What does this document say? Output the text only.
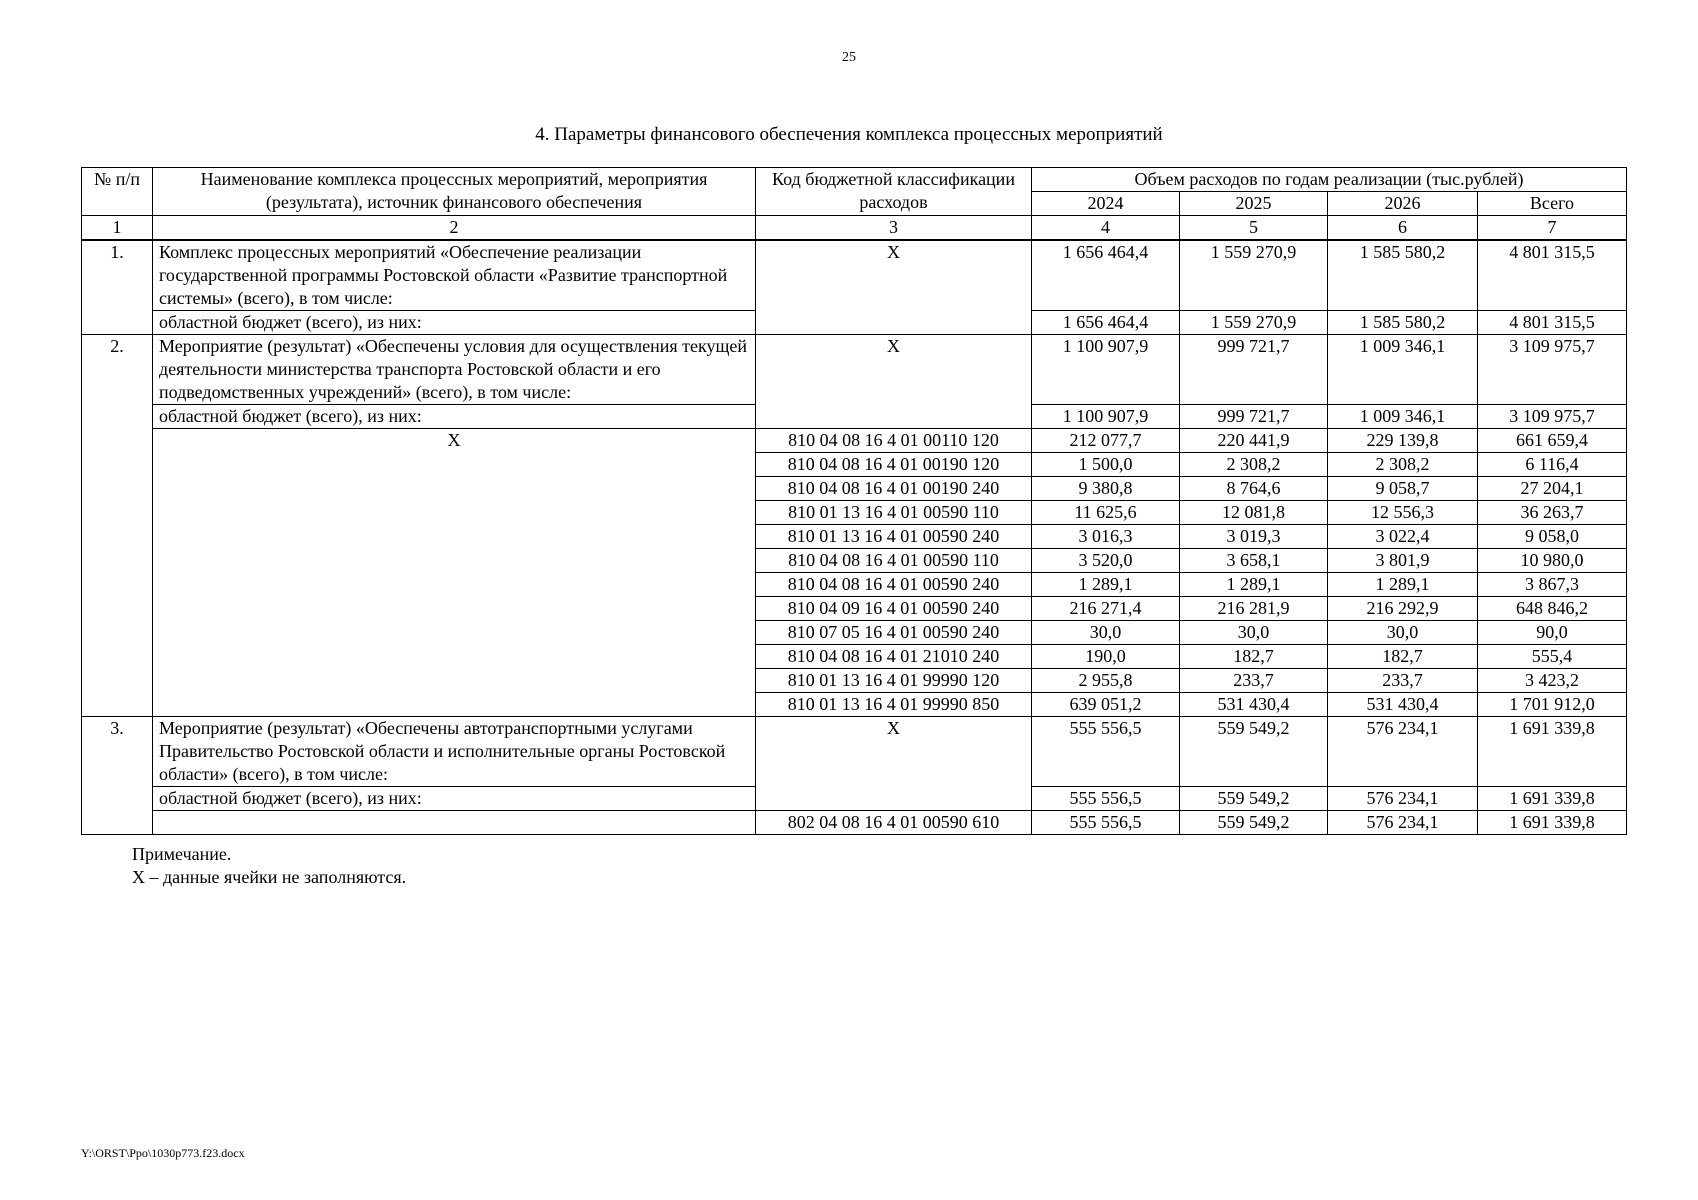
25
4. Параметры финансового обеспечения комплекса процессных мероприятий
№ п/п	Наименование комплекса процессных мероприятий, мероприятия (результата), источник финансового обеспечения	Код бюджетной классификации расходов	Объем расходов по годам реализации (тыс.рублей)			
			2024	2025	2026	Всего
1	2	3	4	5	6	7
1.	Комплекс процессных мероприятий «Обеспечение реализации государственной программы Ростовской области «Развитие транспортной системы» (всего), в том числе:	X	1 656 464,4	1 559 270,9	1 585 580,2	4 801 315,5
	областной бюджет (всего), из них:		1 656 464,4	1 559 270,9	1 585 580,2	4 801 315,5
2.	Мероприятие (результат) «Обеспечены условия для осуществления текущей деятельности министерства транспорта Ростовской области и его подведомственных учреждений» (всего), в том числе:	X	1 100 907,9	999 721,7	1 009 346,1	3 109 975,7
	областной бюджет (всего), из них:		1 100 907,9	999 721,7	1 009 346,1	3 109 975,7
	X	810 04 08 16 4 01 00110 120	212 077,7	220 441,9	229 139,8	661 659,4
		810 04 08 16 4 01 00190 120	1 500,0	2 308,2	2 308,2	6 116,4
		810 04 08 16 4 01 00190 240	9 380,8	8 764,6	9 058,7	27 204,1
		810 01 13 16 4 01 00590 110	11 625,6	12 081,8	12 556,3	36 263,7
		810 01 13 16 4 01 00590 240	3 016,3	3 019,3	3 022,4	9 058,0
		810 04 08 16 4 01 00590 110	3 520,0	3 658,1	3 801,9	10 980,0
		810 04 08 16 4 01 00590 240	1 289,1	1 289,1	1 289,1	3 867,3
		810 04 09 16 4 01 00590 240	216 271,4	216 281,9	216 292,9	648 846,2
		810 07 05 16 4 01 00590 240	30,0	30,0	30,0	90,0
		810 04 08 16 4 01 21010 240	190,0	182,7	182,7	555,4
		810 01 13 16 4 01 99990 120	2 955,8	233,7	233,7	3 423,2
		810 01 13 16 4 01 99990 850	639 051,2	531 430,4	531 430,4	1 701 912,0
3.	Мероприятие (результат) «Обеспечены автотранспортными услугами Правительство Ростовской области и исполнительные органы Ростовской области» (всего), в том числе:	X	555 556,5	559 549,2	576 234,1	1 691 339,8
	областной бюджет (всего), из них:		555 556,5	559 549,2	576 234,1	1 691 339,8
		802 04 08 16 4 01 00590 610	555 556,5	559 549,2	576 234,1	1 691 339,8
Примечание.
X – данные ячейки не заполняются.
Y:\ORST\Ppo\1030p773.f23.docx
